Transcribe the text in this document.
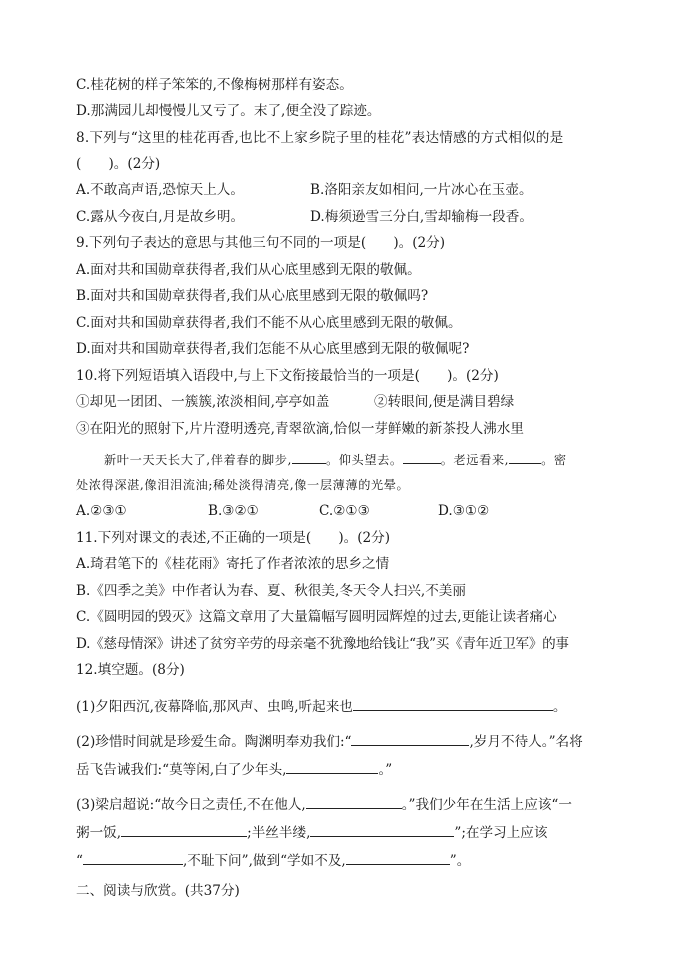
C.桂花树的样子笨笨的,不像梅树那样有姿态。
D.那满园儿却慢慢儿又亏了。末了,便全没了踪迹。
8.下列与“这里的桂花再香,也比不上家乡院子里的桂花”表达情感的方式相似的是
(　　)。(2分)
A.不敢高声语,恐惊天上人。	B.洛阳亲友如相问,一片冰心在玉壶。
C.露从今夜白,月是故乡明。	D.梅须逊雪三分白,雪却输梅一段香。
9.下列句子表达的意思与其他三句不同的一项是(　　)。(2分)
A.面对共和国勋章获得者,我们从心底里感到无限的敬佩。
B.面对共和国勋章获得者,我们从心底里感到无限的敬佩吗?
C.面对共和国勋章获得者,我们不能不从心底里感到无限的敬佩。
D.面对共和国勋章获得者,我们怎能不从心底里感到无限的敬佩呢?
10.将下列短语填入语段中,与上下文衔接最恰当的一项是(　　)。(2分)
①却见一团团、一簇簇,浓淡相间,亭亭如盖	②转眼间,便是满目碧绿
③在阳光的照射下,片片澄明透亮,青翠欲滴,恰似一芽鲜嫩的新茶投人沸水里
新叶一天天长大了,伴着春的脚步,	。仰头望去。	。老远看来,	。密
处浓得深湛,像泪泪流油;稀处淡得清亮,像一层薄薄的光晕。
A.②③①	B.③②①	C.②①③	D.③①②
11.下列对课文的表述,不正确的一项是(　　)。(2分)
A.琦君笔下的《桂花雨》寄托了作者浓浓的思乡之情
B.《四季之美》中作者认为春、夏、秋很美,冬天令人扫兴,不美丽
C.《圆明园的毁灭》这篇文章用了大量篇幅写圆明园辉煌的过去,更能让读者痛心
D.《慈母情深》讲述了贫穷辛劳的母亲毫不犹豫地给钱让“我”买《青年近卫军》的事
12.填空题。(8分)
(1)夕阳西沉,夜幕降临,那风声、虫鸣,听起来也	。
(2)珍惜时间就是珍爱生命。陶渊明奉劝我们:“	,岁月不待人。”名将
岳飞告诫我们:“莫等闲,白了少年头,	。”
(3)梁启超说:“故今日之责任,不在他人,	。”我们少年在生活上应该“一
粥一饭,	;半丝半缕,	”;在学习上应该
“	,不耻下问”,做到“学如不及,	”。
二、阅读与欣赏。(共37分)
